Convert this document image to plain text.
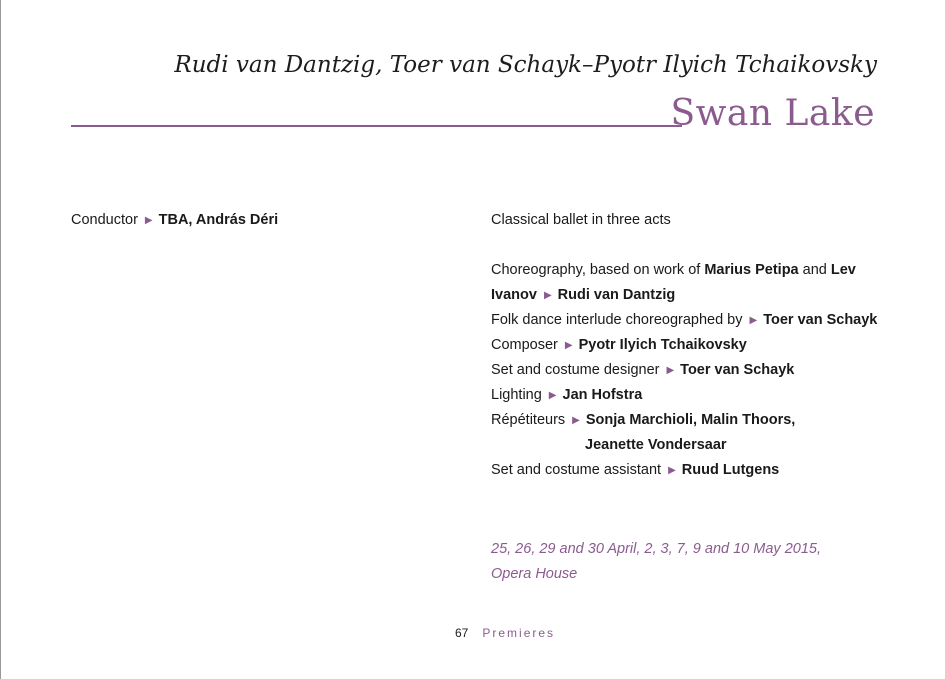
Rudi van Dantzig, Toer van Schayk–Pyotr Ilyich Tchaikovsky
Swan Lake
Conductor ▶ TBA, András Déri	Classical ballet in three acts
Choreography, based on work of Marius Petipa and Lev
Ivanov ▶ Rudi van Dantzig
Folk dance interlude choreographed by ▶ Toer van Schayk
Composer ▶ Pyotr Ilyich Tchaikovsky
Set and costume designer ▶ Toer van Schayk
Lighting ▶ Jan Hofstra
Répétiteurs ▶ Sonja Marchioli, Malin Thoors,
Jeanette Vondersaar
Set and costume assistant ▶ Ruud Lutgens
25, 26, 29 and 30 April, 2, 3, 7, 9 and 10 May 2015,
Opera House
67 Premieres
